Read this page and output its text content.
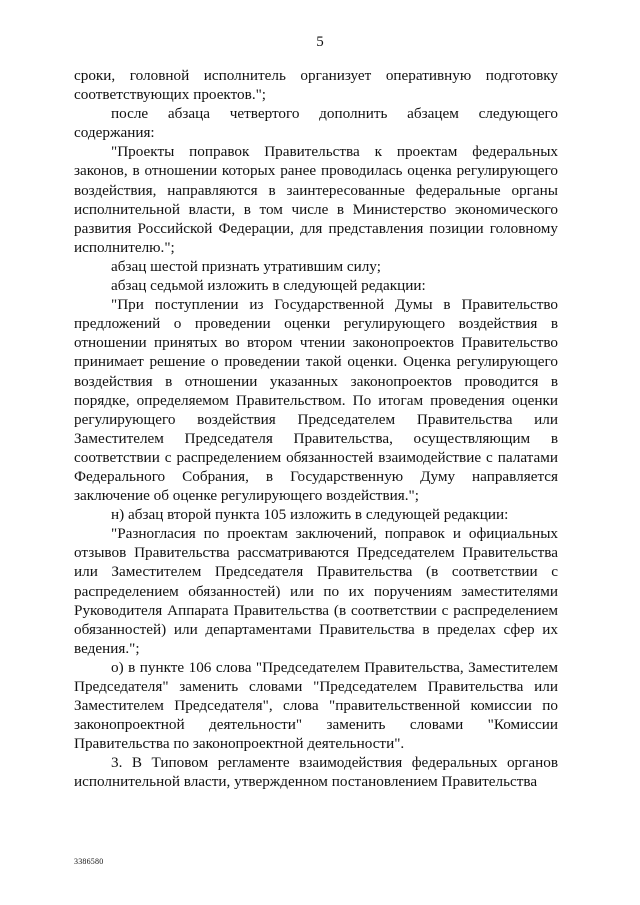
5

сроки, головной исполнитель организует оперативную подготовку соответствующих проектов.";

после абзаца четвертого дополнить абзацем следующего содержания:

"Проекты поправок Правительства к проектам федеральных законов, в отношении которых ранее проводилась оценка регулирующего воздействия, направляются в заинтересованные федеральные органы исполнительной власти, в том числе в Министерство экономического развития Российской Федерации, для представления позиции головному исполнителю.";

абзац шестой признать утратившим силу;

абзац седьмой изложить в следующей редакции:

"При поступлении из Государственной Думы в Правительство предложений о проведении оценки регулирующего воздействия в отношении принятых во втором чтении законопроектов Правительство принимает решение о проведении такой оценки. Оценка регулирующего воздействия в отношении указанных законопроектов проводится в порядке, определяемом Правительством. По итогам проведения оценки регулирующего воздействия Председателем Правительства или Заместителем Председателя Правительства, осуществляющим в соответствии с распределением обязанностей взаимодействие с палатами Федерального Собрания, в Государственную Думу направляется заключение об оценке регулирующего воздействия.";

н) абзац второй пункта 105 изложить в следующей редакции:

"Разногласия по проектам заключений, поправок и официальных отзывов Правительства рассматриваются Председателем Правительства или Заместителем Председателя Правительства (в соответствии с распределением обязанностей) или по их поручениям заместителями Руководителя Аппарата Правительства (в соответствии с распределением обязанностей) или департаментами Правительства в пределах сфер их ведения.";

о) в пункте 106 слова "Председателем Правительства, Заместителем Председателя" заменить словами "Председателем Правительства или Заместителем Председателя", слова "правительственной комиссии по законопроектной деятельности" заменить словами "Комиссии Правительства по законопроектной деятельности".

3. В Типовом регламенте взаимодействия федеральных органов исполнительной власти, утвержденном постановлением Правительства

3386580
